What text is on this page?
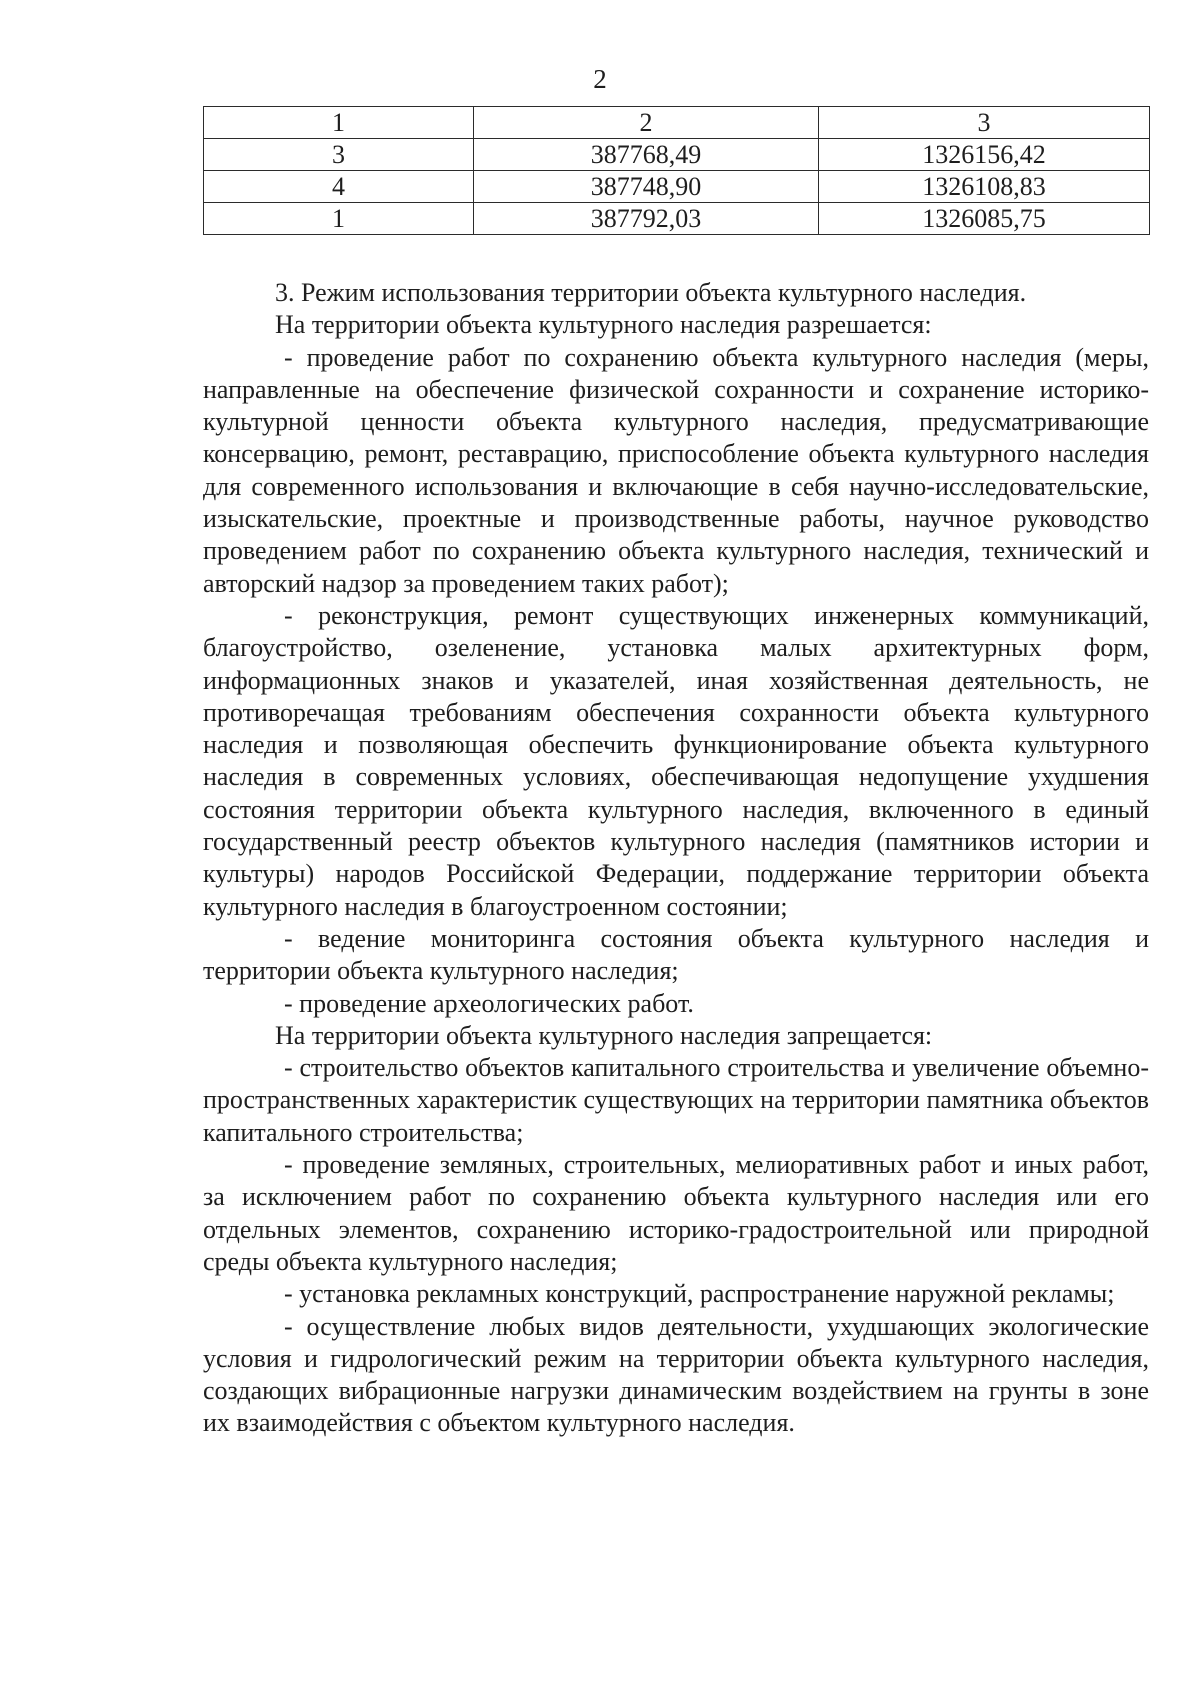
2
1	2	3
3	387768,49	1326156,42
4	387748,90	1326108,83
1	387792,03	1326085,75

3. Режим использования территории объекта культурного наследия.

На территории объекта культурного наследия разрешается:

- проведение работ по сохранению объекта культурного наследия (меры, направленные на обеспечение физической сохранности и сохранение историко-культурной ценности объекта культурного наследия, предусматривающие консервацию, ремонт, реставрацию, приспособление объекта культурного наследия для современного использования и включающие в себя научно-исследовательские, изыскательские, проектные и производственные работы, научное руководство проведением работ по сохранению объекта культурного наследия, технический и авторский надзор за проведением таких работ);

- реконструкция, ремонт существующих инженерных коммуникаций, благоустройство, озеленение, установка малых архитектурных форм, информационных знаков и указателей, иная хозяйственная деятельность, не противоречащая требованиям обеспечения сохранности объекта культурного наследия и позволяющая обеспечить функционирование объекта культурного наследия в современных условиях, обеспечивающая недопущение ухудшения состояния территории объекта культурного наследия, включенного в единый государственный реестр объектов культурного наследия (памятников истории и культуры) народов Российской Федерации, поддержание территории объекта культурного наследия в благоустроенном состоянии;

- ведение мониторинга состояния объекта культурного наследия и территории объекта культурного наследия;

- проведение археологических работ.

На территории объекта культурного наследия запрещается:

- строительство объектов капитального строительства и увеличение объемно-пространственных характеристик существующих на территории памятника объектов капитального строительства;

- проведение земляных, строительных, мелиоративных работ и иных работ, за исключением работ по сохранению объекта культурного наследия или его отдельных элементов, сохранению историко-градостроительной или природной среды объекта культурного наследия;

- установка рекламных конструкций, распространение наружной рекламы;

- осуществление любых видов деятельности, ухудшающих экологические условия и гидрологический режим на территории объекта культурного наследия, создающих вибрационные нагрузки динамическим воздействием на грунты в зоне их взаимодействия с объектом культурного наследия.
